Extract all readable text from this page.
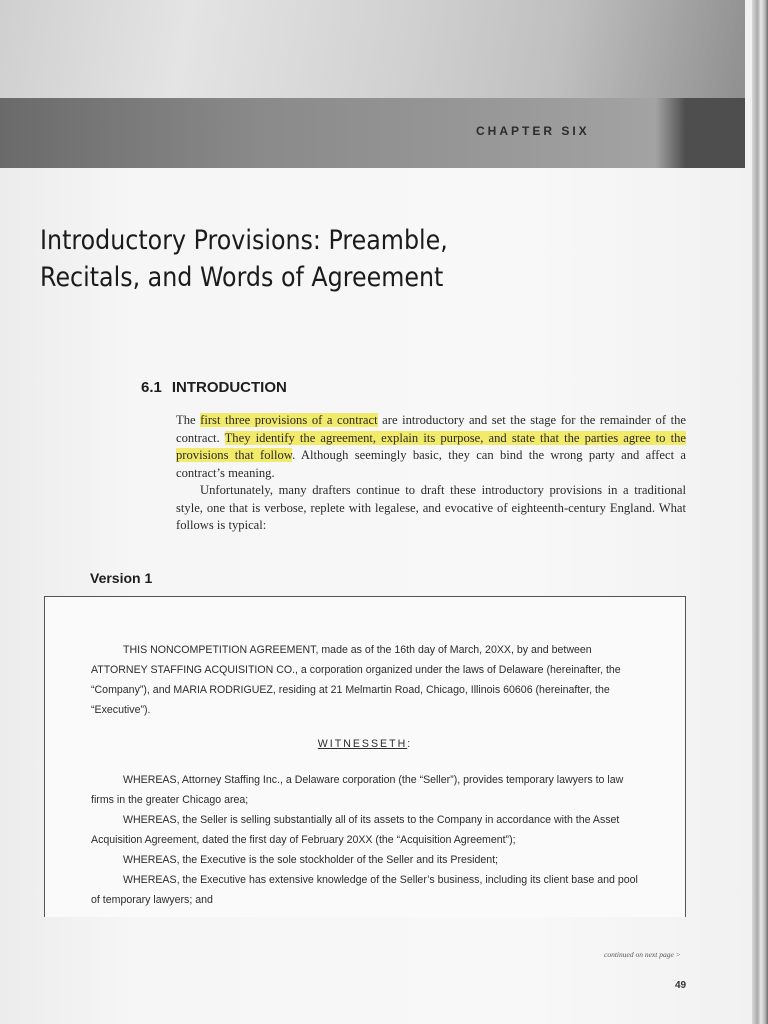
CHAPTER SIX
Introductory Provisions: Preamble,
Recitals, and Words of Agreement
6.1 INTRODUCTION

The first three provisions of a contract are introductory and set the stage for the remainder of the contract. They identify the agreement, explain its purpose, and state that the parties agree to the provisions that follow. Although seemingly basic, they can bind the wrong party and affect a contract’s meaning.

Unfortunately, many drafters continue to draft these introductory provisions in a traditional style, one that is verbose, replete with legalese, and evocative of eighteenth-century England. What follows is typical:

Version 1

THIS NONCOMPETITION AGREEMENT, made as of the 16th day of March, 20XX, by and between ATTORNEY STAFFING ACQUISITION CO., a corporation organized under the laws of Delaware (hereinafter, the “Company”), and MARIA RODRIGUEZ, residing at 21 Melmartin Road, Chicago, Illinois 60606 (hereinafter, the “Executive”).

WITNESSETH:

WHEREAS, Attorney Staffing Inc., a Delaware corporation (the “Seller”), provides temporary lawyers to law firms in the greater Chicago area;

WHEREAS, the Seller is selling substantially all of its assets to the Company in accordance with the Asset Acquisition Agreement, dated the first day of February 20XX (the “Acquisition Agreement”);

WHEREAS, the Executive is the sole stockholder of the Seller and its President;

WHEREAS, the Executive has extensive knowledge of the Seller’s business, including its client base and pool of temporary lawyers; and

continued on next page >
49
